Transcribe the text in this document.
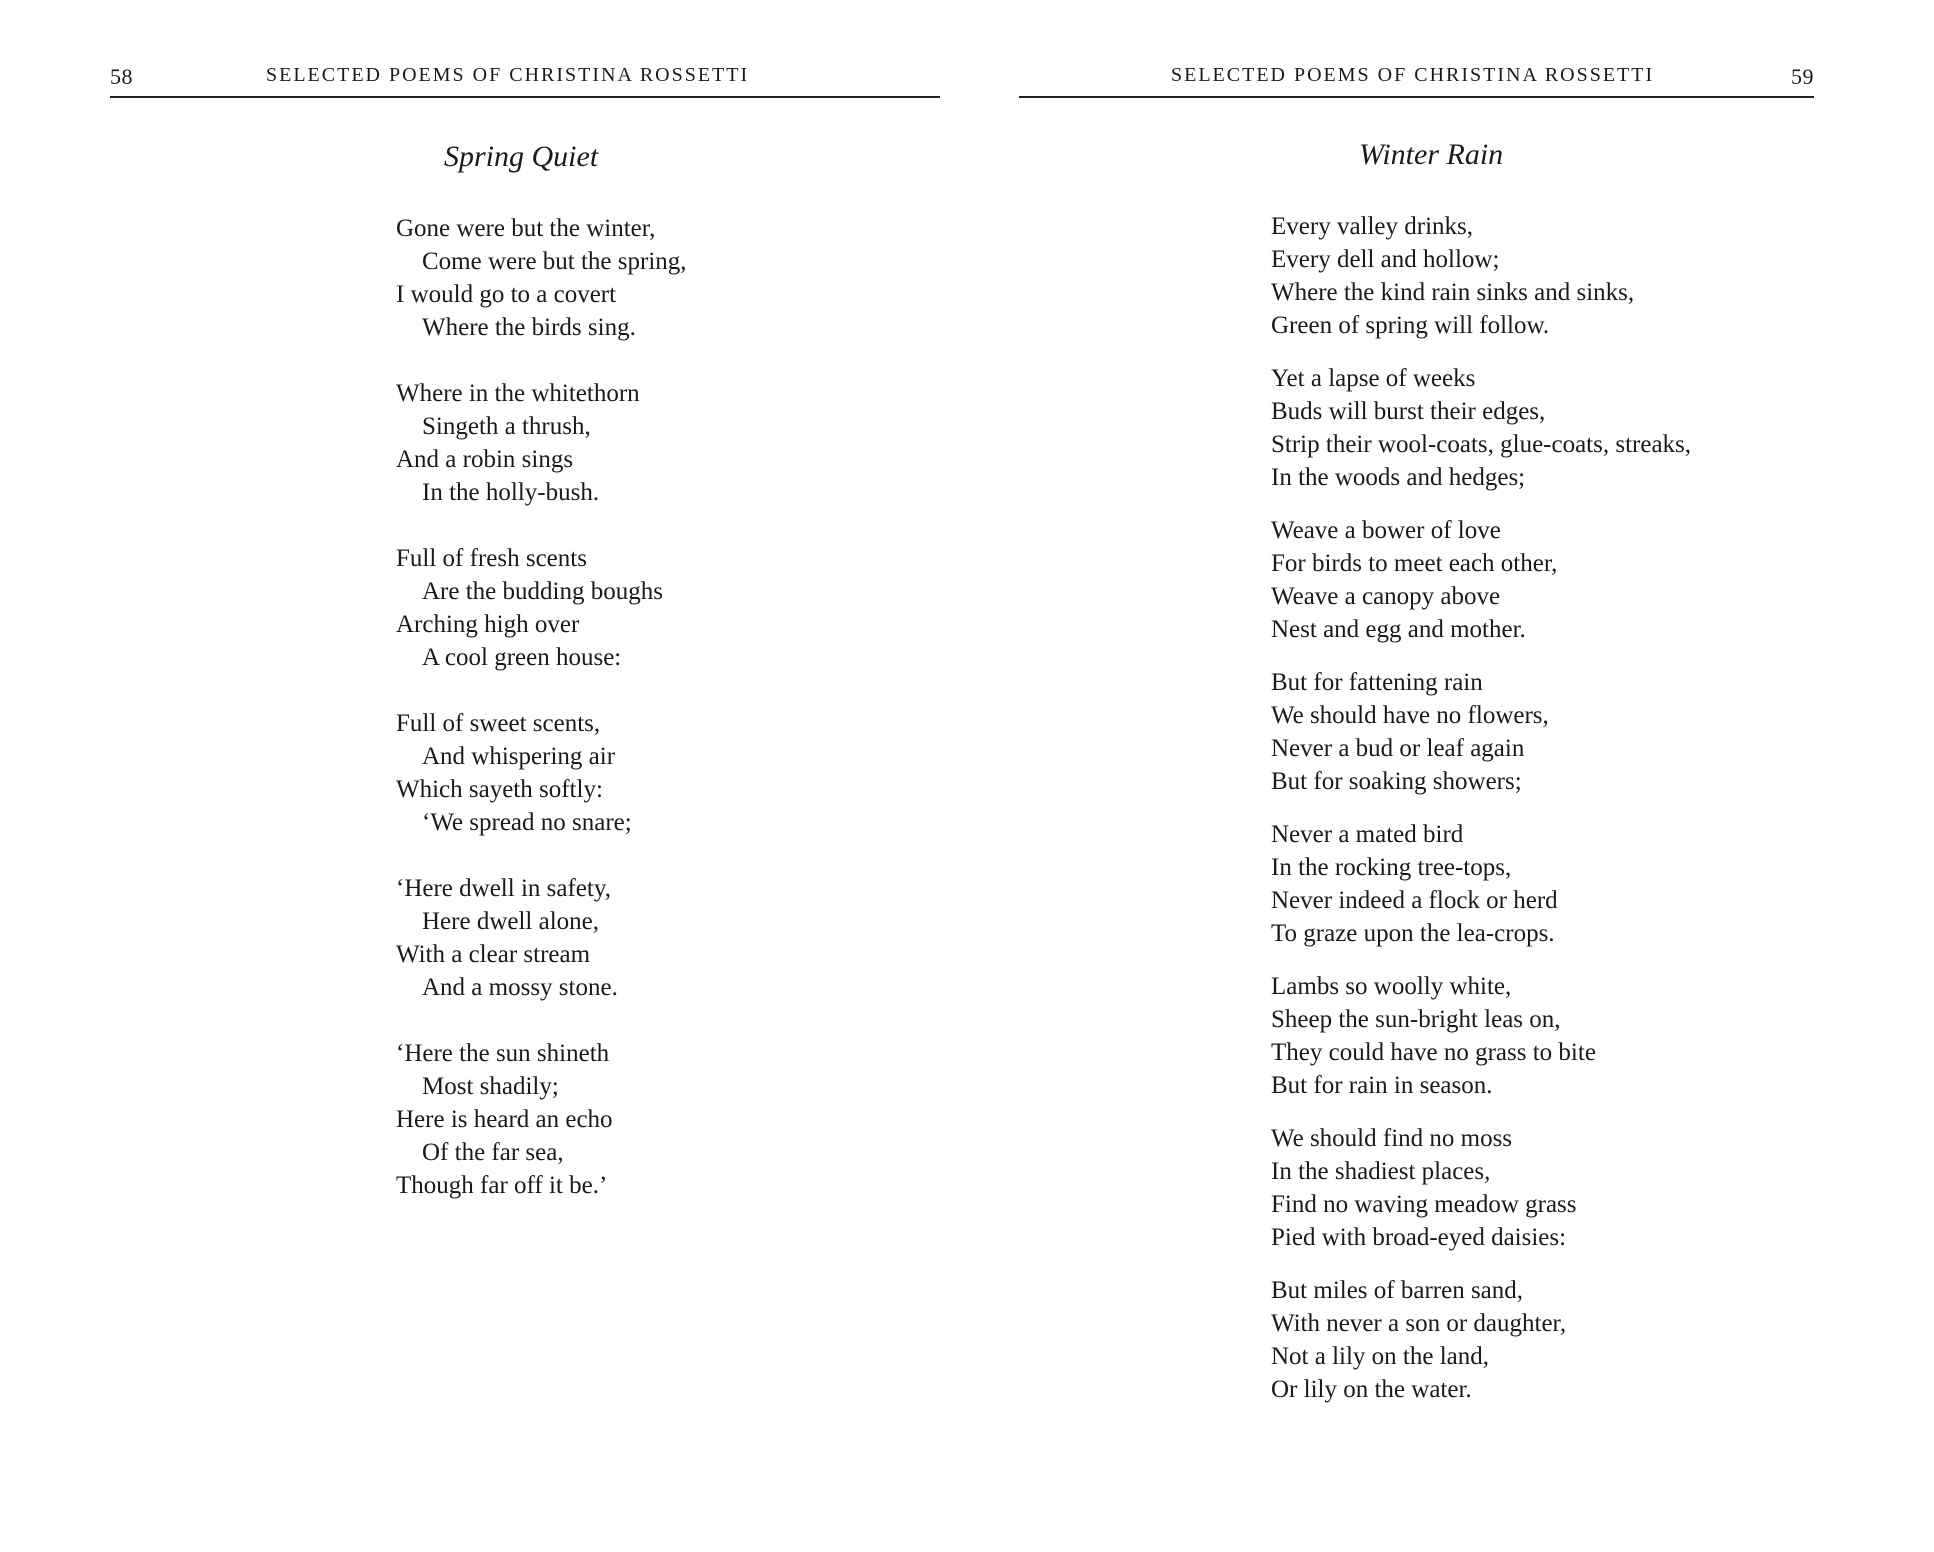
58	SELECTED POEMS OF CHRISTINA ROSSETTI
Spring Quiet
Gone were but the winter,
Come were but the spring,
I would go to a covert
Where the birds sing.
Where in the whitethorn
Singeth a thrush,
And a robin sings
In the holly-bush.
Full of fresh scents
Are the budding boughs
Arching high over
A cool green house:
Full of sweet scents,
And whispering air
Which sayeth softly:
‘We spread no snare;
‘Here dwell in safety,
Here dwell alone,
With a clear stream
And a mossy stone.
‘Here the sun shineth
Most shadily;
Here is heard an echo
Of the far sea,
Though far off it be.’
SELECTED POEMS OF CHRISTINA ROSSETTI	59
Winter Rain
Every valley drinks,
Every dell and hollow;
Where the kind rain sinks and sinks,
Green of spring will follow.
Yet a lapse of weeks
Buds will burst their edges,
Strip their wool-coats, glue-coats, streaks,
In the woods and hedges;
Weave a bower of love
For birds to meet each other,
Weave a canopy above
Nest and egg and mother.
But for fattening rain
We should have no flowers,
Never a bud or leaf again
But for soaking showers;
Never a mated bird
In the rocking tree-tops,
Never indeed a flock or herd
To graze upon the lea-crops.
Lambs so woolly white,
Sheep the sun-bright leas on,
They could have no grass to bite
But for rain in season.
We should find no moss
In the shadiest places,
Find no waving meadow grass
Pied with broad-eyed daisies:
But miles of barren sand,
With never a son or daughter,
Not a lily on the land,
Or lily on the water.
